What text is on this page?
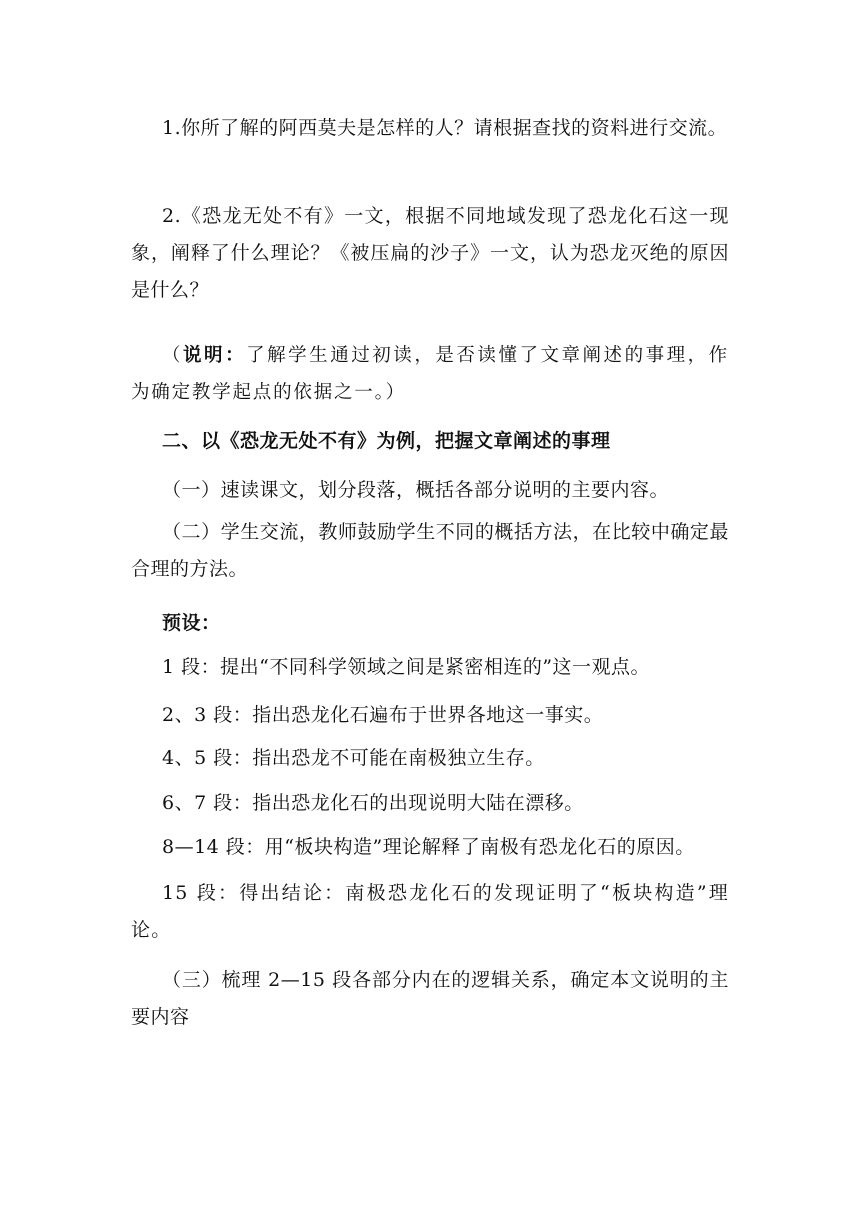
1.你所了解的阿西莫夫是怎样的人？请根据查找的资料进行交流。

2.《恐龙无处不有》一文，根据不同地域发现了恐龙化石这一现象，阐释了什么理论？《被压扁的沙子》一文，认为恐龙灭绝的原因是什么？

（说明：了解学生通过初读，是否读懂了文章阐述的事理，作为确定教学起点的依据之一。）

二、以《恐龙无处不有》为例，把握文章阐述的事理

（一）速读课文，划分段落，概括各部分说明的主要内容。

（二）学生交流，教师鼓励学生不同的概括方法，在比较中确定最合理的方法。

预设：

1 段：提出“不同科学领域之间是紧密相连的”这一观点。

2、3 段：指出恐龙化石遍布于世界各地这一事实。

4、5 段：指出恐龙不可能在南极独立生存。

6、7 段：指出恐龙化石的出现说明大陆在漂移。

8—14 段：用“板块构造”理论解释了南极有恐龙化石的原因。

15 段：得出结论：南极恐龙化石的发现证明了“板块构造”理论。

（三）梳理 2—15 段各部分内在的逻辑关系，确定本文说明的主要内容
